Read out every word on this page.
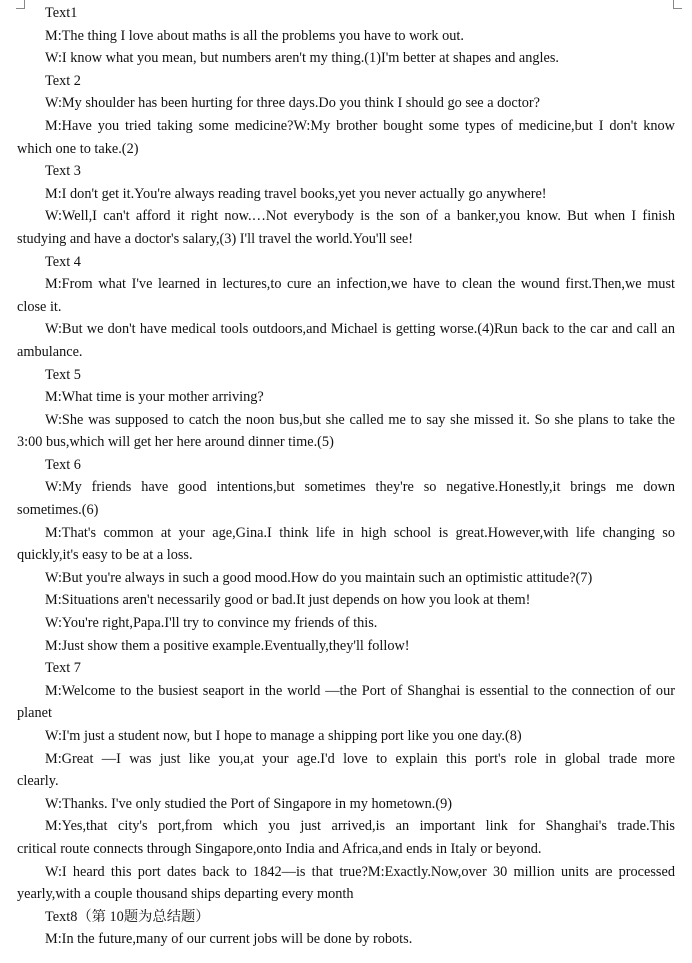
Text1
M:The thing I love about maths is all the problems you have to work out.
W:I know what you mean, but numbers aren't my thing.(1)I'm better at shapes and angles.
Text 2
W:My shoulder has been hurting for three days.Do you think I should go see a doctor?
M:Have you tried taking some medicine?W:My brother bought some types of medicine,but I don't know
which one to take.(2)
Text 3
M:I don't get it.You're always reading travel books,yet you never actually go anywhere!
W:Well,I can't afford it right now.…Not everybody is the son of a banker,you know. But when I finish
studying and have a doctor's salary,(3) I'll travel the world.You'll see!
Text 4
M:From what I've learned in lectures,to cure an infection,we have to clean the wound first.Then,we must
close it.
W:But we don't have medical tools outdoors,and Michael is getting worse.(4)Run back to the car and call an
ambulance.
Text 5
M:What time is your mother arriving?
W:She was supposed to catch the noon bus,but she called me to say she missed it. So she plans to take the
3:00 bus,which will get her here around dinner time.(5)
Text 6
W:My friends have good intentions,but sometimes they're so negative.Honestly,it brings me down
sometimes.(6)
M:That's common at your age,Gina.I think life in high school is great.However,with life changing so
quickly,it's easy to be at a loss.
W:But you're always in such a good mood.How do you maintain such an optimistic attitude?(7)
M:Situations aren't necessarily good or bad.It just depends on how you look at them!
W:You're right,Papa.I'll try to convince my friends of this.
M:Just show them a positive example.Eventually,they'll follow!
Text 7
M:Welcome to the busiest seaport in the world —the Port of Shanghai is essential to the connection of our
planet
W:I'm just a student now, but I hope to manage a shipping port like you one day.(8)
M:Great —I was just like you,at your age.I'd love to explain this port's role in global trade more
clearly.
W:Thanks. I've only studied the Port of Singapore in my hometown.(9)
M:Yes,that city's port,from which you just arrived,is an important link for Shanghai's trade.This
critical route connects through Singapore,onto India and Africa,and ends in Italy or beyond.
W:I heard this port dates back to 1842—is that true?M:Exactly.Now,over 30 million units are processed
yearly,with a couple thousand ships departing every month
Text8（第 10题为总结题）
M:In the future,many of our current jobs will be done by robots.
